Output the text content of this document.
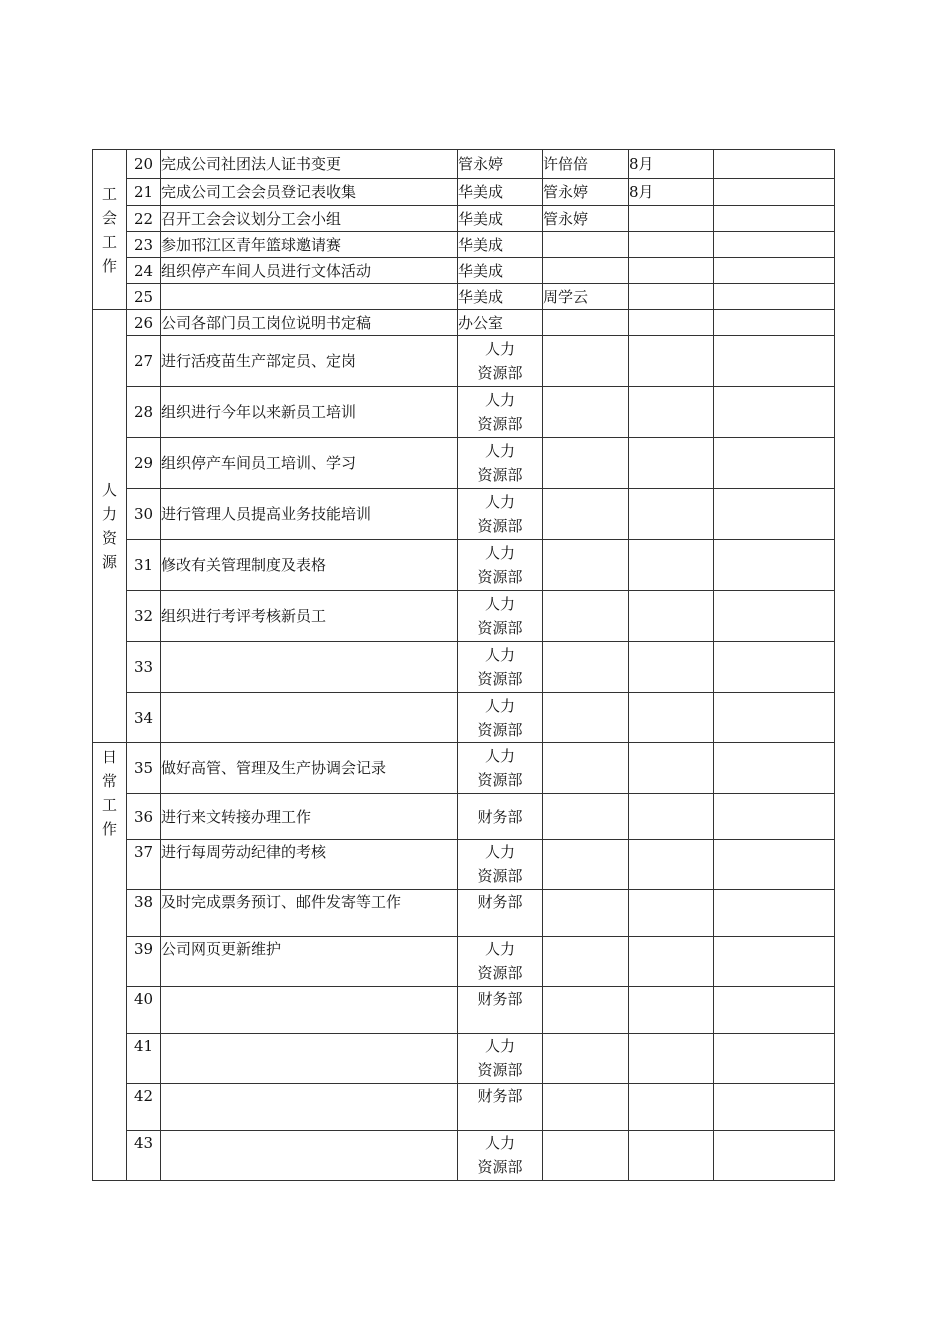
工会工作	20	完成公司社团法人证书变更	管永婷	许倍倍	8月	
	21	完成公司工会会员登记表收集	华美成	管永婷	8月	
	22	召开工会会议划分工会小组	华美成	管永婷		
	23	参加邗江区青年篮球邀请赛	华美成			
	24	组织停产车间人员进行文体活动	华美成			
	25		华美成	周学云		

人力资源	26	公司各部门员工岗位说明书定稿	办公室			
	27	进行活疫苗生产部定员、定岗	人力
资源部			

	28	组织进行今年以来新员工培训	人力
资源部			

	29	组织停产车间员工培训、学习	人力
资源部			

	30	进行管理人员提高业务技能培训	人力
资源部			

	31	修改有关管理制度及表格	人力
资源部			

	32	组织进行考评考核新员工	人力
资源部			

	33		人力
资源部			

	34		人力
资源部			

日常工作	35	做好高管、管理及生产协调会记录	人力
资源部			

	36	进行来文转接办理工作	财务部			
	37	进行每周劳动纪律的考核	人力
资源部			

	38	及时完成票务预订、邮件发寄等工作	财务部			
	39	公司网页更新维护	人力
资源部			

	40		财务部			
	41		人力
资源部			

	42		财务部			
	43		人力
资源部			
